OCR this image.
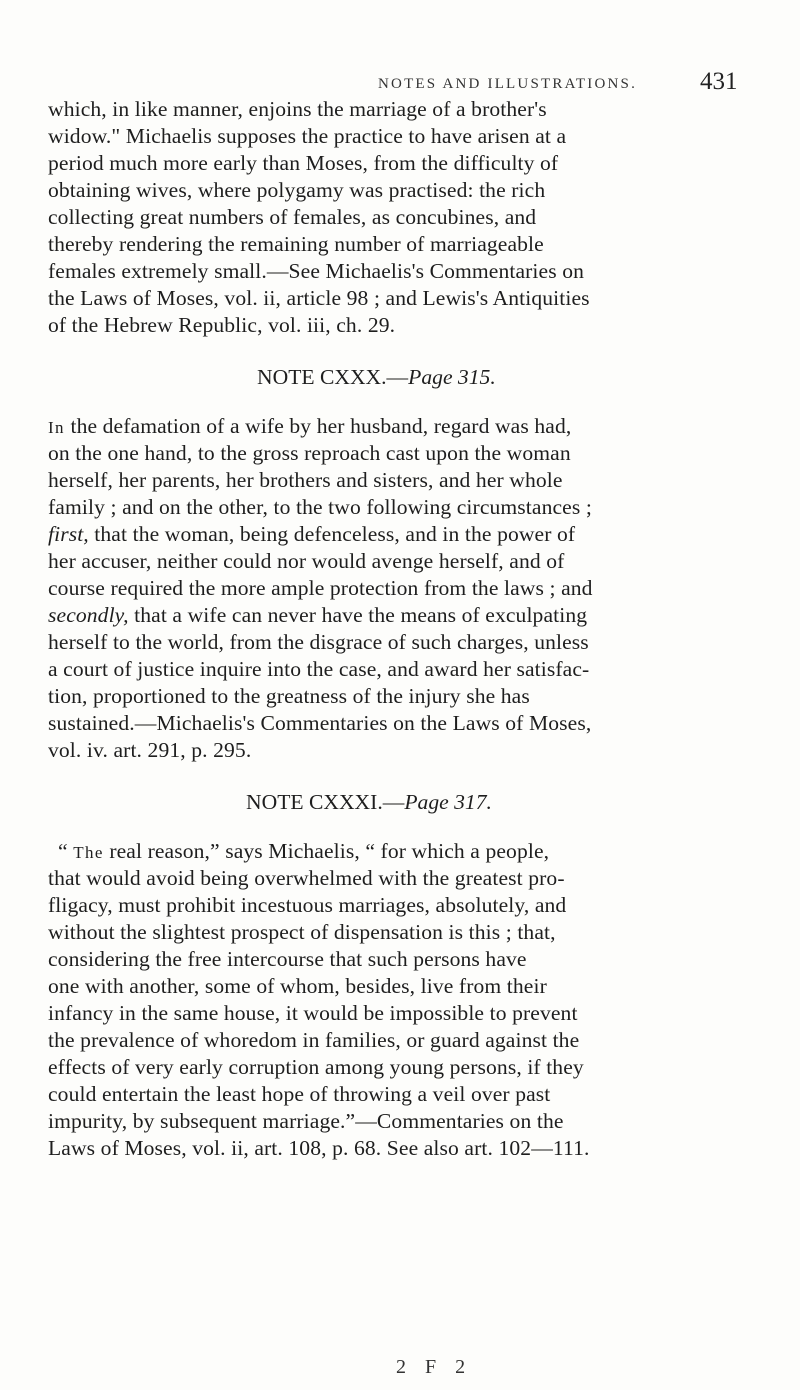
NOTES AND ILLUSTRATIONS.	431
which, in like manner, enjoins the marriage of a brother's
widow." Michaelis supposes the practice to have arisen at a
period much more early than Moses, from the difficulty of
obtaining wives, where polygamy was practised: the rich
collecting great numbers of females, as concubines, and
thereby rendering the remaining number of marriageable
females extremely small.—See Michaelis's Commentaries on
the Laws of Moses, vol. ii, article 98 ; and Lewis's Antiquities
of the Hebrew Republic, vol. iii, ch. 29.
NOTE CXXX.—Page 315.
In the defamation of a wife by her husband, regard was had,
on the one hand, to the gross reproach cast upon the woman
herself, her parents, her brothers and sisters, and her whole
family ; and on the other, to the two following circumstances ;
first, that the woman, being defenceless, and in the power of
her accuser, neither could nor would avenge herself, and of
course required the more ample protection from the laws ; and
secondly, that a wife can never have the means of exculpating
herself to the world, from the disgrace of such charges, unless
a court of justice inquire into the case, and award her satisfac-
tion, proportioned to the greatness of the injury she has
sustained.—Michaelis's Commentaries on the Laws of Moses,
vol. iv. art. 291, p. 295.
NOTE CXXXI.—Page 317.
“ The real reason,” says Michaelis, “ for which a people,
that would avoid being overwhelmed with the greatest pro-
fligacy, must prohibit incestuous marriages, absolutely, and
without the slightest prospect of dispensation is this ; that,
considering the free intercourse that such persons have
one with another, some of whom, besides, live from their
infancy in the same house, it would be impossible to prevent
the prevalence of whoredom in families, or guard against the
effects of very early corruption among young persons, if they
could entertain the least hope of throwing a veil over past
impurity, by subsequent marriage.”—Commentaries on the
Laws of Moses, vol. ii, art. 108, p. 68. See also art. 102—111.
2 F 2
